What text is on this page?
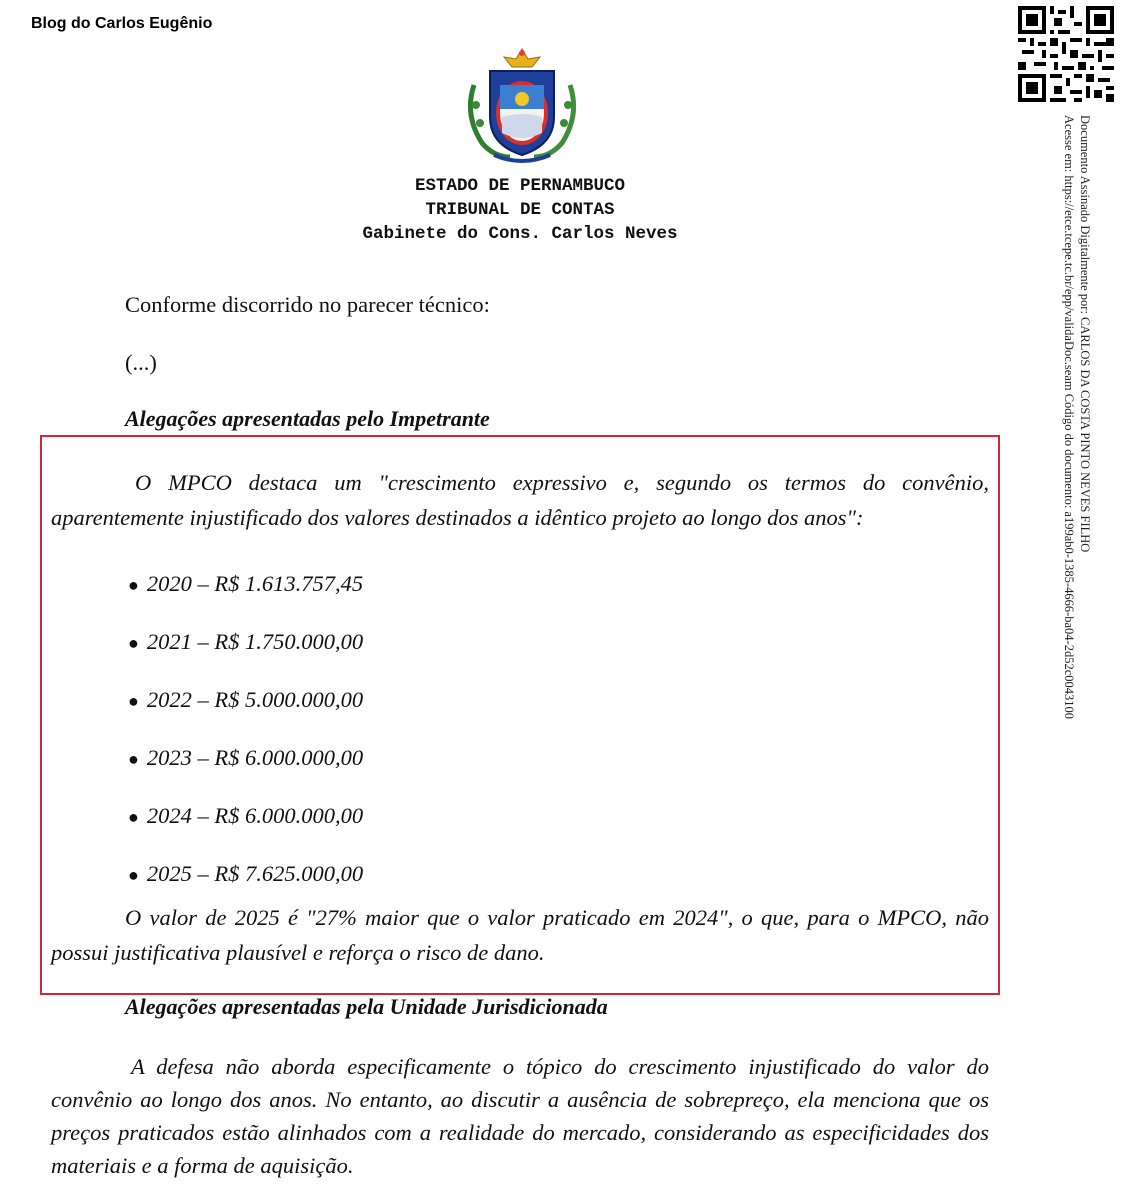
Blog do Carlos Eugênio
Documento Assinado Digitalmente por: CARLOS DA COSTA PINTO NEVES FILHO
Acesse em: https://etce.tcepe.tc.br/epp/validaDoc.seam Código do documento: a199ab0-1385-4666-ba04-2d52c0043100
ESTADO DE PERNAMBUCO
TRIBUNAL DE CONTAS
Gabinete do Cons. Carlos Neves

Conforme discorrido no parecer técnico:

(...)

Alegações apresentadas pelo Impetrante

O MPCO destaca um "crescimento expressivo e, segundo os termos do convênio, aparentemente injustificado dos valores destinados a idêntico projeto ao longo dos anos":
● 2020 – R$ 1.613.757,45
● 2021 – R$ 1.750.000,00
● 2022 – R$ 5.000.000,00
● 2023 – R$ 6.000.000,00
● 2024 – R$ 6.000.000,00
● 2025 – R$ 7.625.000,00
O valor de 2025 é "27% maior que o valor praticado em 2024", o que, para o MPCO, não possui justificativa plausível e reforça o risco de dano.

Alegações apresentadas pela Unidade Jurisdicionada

A defesa não aborda especificamente o tópico do crescimento injustificado do valor do convênio ao longo dos anos. No entanto, ao discutir a ausência de sobrepreço, ela menciona que os preços praticados estão alinhados com a realidade do mercado, considerando as especificidades dos materiais e a forma de aquisição.
